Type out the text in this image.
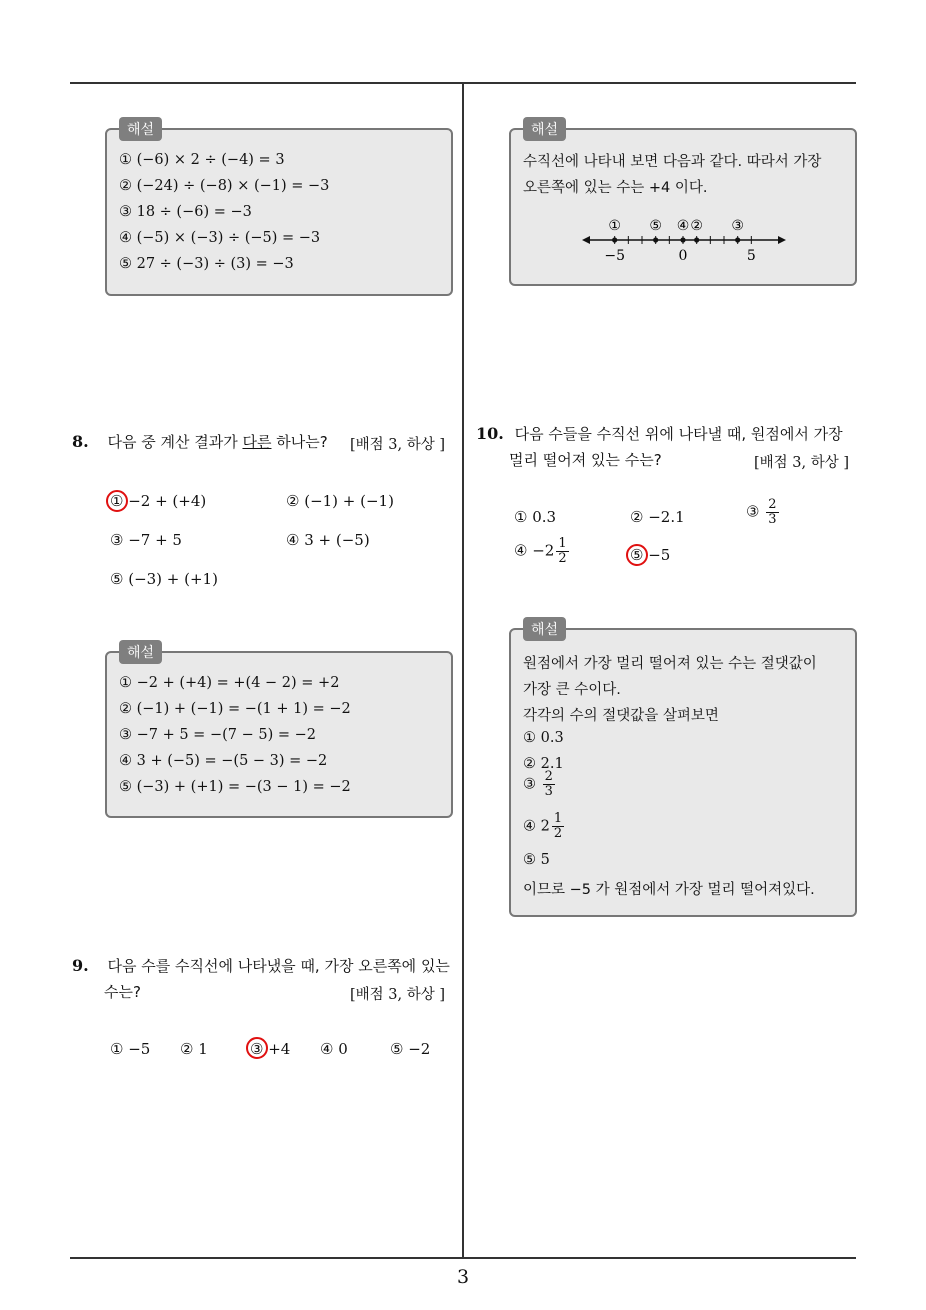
3
해설
① (−6) × 2 ÷ (−4) = 3
② (−24) ÷ (−8) × (−1) = −3
③ 18 ÷ (−6) = −3
④ (−5) × (−3) ÷ (−5) = −3
⑤ 27 ÷ (−3) ÷ (3) = −3
8. 다음 중 계산 결과가 다른 하나는? [배점 3, 하상 ]
① −2 + (+4)	② (−1) + (−1)
③ −7 + 5	④ 3 + (−5)
⑤ (−3) + (+1)
해설
① −2 + (+4) = +(4 − 2) = +2
② (−1) + (−1) = −(1 + 1) = −2
③ −7 + 5 = −(7 − 5) = −2
④ 3 + (−5) = −(5 − 3) = −2
⑤ (−3) + (+1) = −(3 − 1) = −2
9. 다음 수를 수직선에 나타냈을 때, 가장 오른쪽에 있는
수는?	[배점 3, 하상 ]
① −5 ② 1	③ +4 ④ 0	⑤ −2
해설
수직선에 나타내 보면 다음과 같다. 따라서 가장
오른쪽에 있는 수는 +4 이다.
① ⑤ ④ ② ③
−5	0	5
10. 다음 수들을 수직선 위에 나타낼 때, 원점에서 가장
멀리 떨어져 있는 수는?	[배점 3, 하상 ]
① 0.3	② −2.1	③ $\frac{2}{3}$
④ $-2 \frac{1}{2}$	⑤ −5
해설
원점에서 가장 멀리 떨어져 있는 수는 절댓값이
가장 큰 수이다.
각각의 수의 절댓값을 살펴보면
① 0.3
② 2.1
③ $\frac{2}{3}$
④ $2 \frac{1}{2}$
⑤ 5
이므로 −5 가 원점에서 가장 멀리 떨어져있다.
